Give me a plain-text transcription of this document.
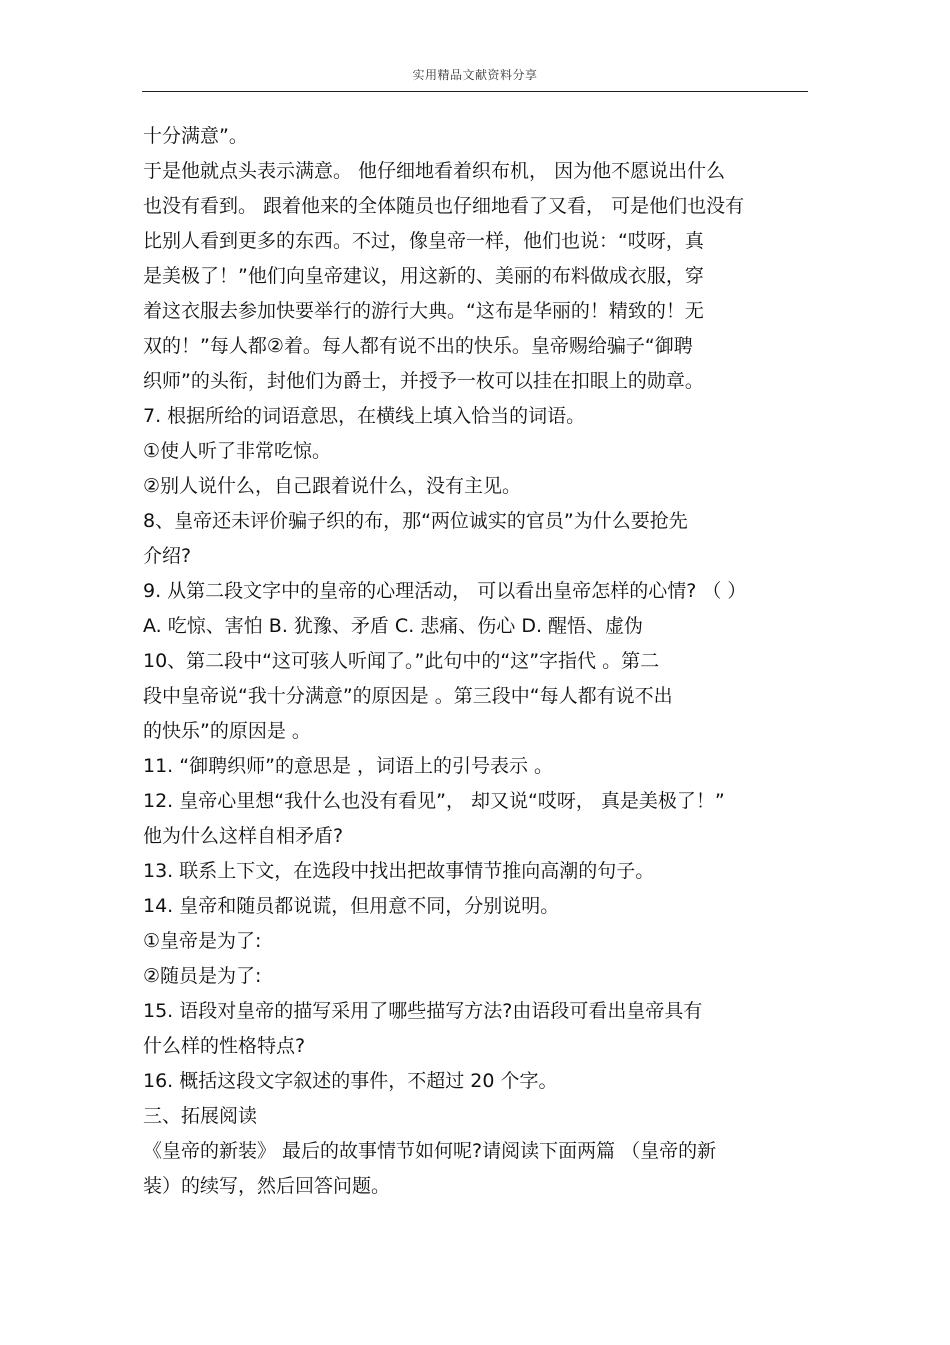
实用精品文献资料分享
十分满意”。
于是他就点头表示满意。 他仔细地看着织布机， 因为他不愿说出什么
也没有看到。 跟着他来的全体随员也仔细地看了又看， 可是他们也没有
比别人看到更多的东西。不过，像皇帝一样，他们也说：“哎呀，真
是美极了！”他们向皇帝建议，用这新的、美丽的布料做成衣服，穿
着这衣服去参加快要举行的游行大典。“这布是华丽的！精致的！无
双的！”每人都②着。每人都有说不出的快乐。皇帝赐给骗子“御聘
织师”的头衔，封他们为爵士，并授予一枚可以挂在扣眼上的勋章。
7. 根据所给的词语意思，在横线上填入恰当的词语。
①使人听了非常吃惊。
②别人说什么，自己跟着说什么，没有主见。
8、皇帝还未评价骗子织的布，那“两位诚实的官员”为什么要抢先
介绍?
9. 从第二段文字中的皇帝的心理活动， 可以看出皇帝怎样的心情? （ ）
A. 吃惊、害怕 B. 犹豫、矛盾 C. 悲痛、伤心 D. 醒悟、虚伪
10、第二段中“这可骇人听闻了。”此句中的“这”字指代 。第二
段中皇帝说“我十分满意”的原因是 。第三段中“每人都有说不出
的快乐”的原因是 。
11. “御聘织师”的意思是 ，词语上的引号表示 。
12. 皇帝心里想“我什么也没有看见”， 却又说“哎呀， 真是美极了！”
他为什么这样自相矛盾?
13. 联系上下文，在选段中找出把故事情节推向高潮的句子。
14. 皇帝和随员都说谎，但用意不同，分别说明。
①皇帝是为了:
②随员是为了:
15. 语段对皇帝的描写采用了哪些描写方法?由语段可看出皇帝具有
什么样的性格特点?
16. 概括这段文字叙述的事件，不超过 20 个字。
三、拓展阅读
《皇帝的新装》 最后的故事情节如何呢?请阅读下面两篇 （皇帝的新
装）的续写，然后回答问题。
